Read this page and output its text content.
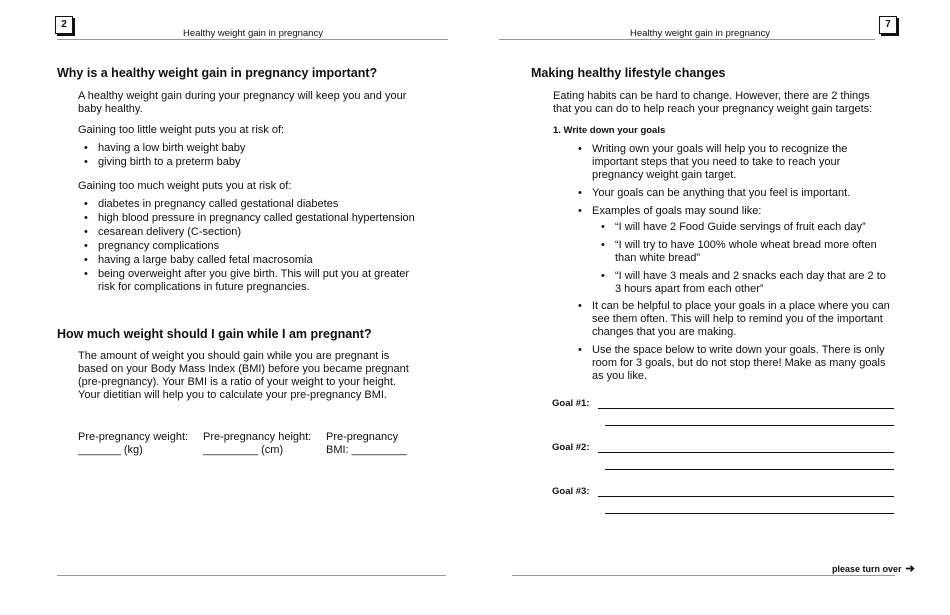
2
Healthy weight gain in pregnancy
Why is a healthy weight gain in pregnancy important?

A healthy weight gain during your pregnancy will keep you and your baby healthy.

Gaining too little weight puts you at risk of:

• having a low birth weight baby
• giving birth to a preterm baby

Gaining too much weight puts you at risk of:

• diabetes in pregnancy called gestational diabetes
• high blood pressure in pregnancy called gestational hypertension
• cesarean delivery (C-section)
• pregnancy complications
• having a large baby called fetal macrosomia
• being overweight after you give birth. This will put you at greater risk for complications in future pregnancies.
How much weight should I gain while I am pregnant?

The amount of weight you should gain while you are pregnant is based on your Body Mass Index (BMI) before you became pregnant (pre-pregnancy). Your BMI is a ratio of your weight to your height. Your dietitian will help you to calculate your pre-pregnancy BMI.

Pre-pregnancy weight:
_______ (kg)
Pre-pregnancy height:
_________ (cm)
Pre-pregnancy
BMI: _________
Healthy weight gain in pregnancy
7
Making healthy lifestyle changes

Eating habits can be hard to change. However, there are 2 things that you can do to help reach your pregnancy weight gain targets:

1. Write down your goals
• Writing own your goals will help you to recognize the important steps that you need to take to reach your pregnancy weight gain target.
• Your goals can be anything that you feel is important.
• Examples of goals may sound like:
• “I will have 2 Food Guide servings of fruit each day”
• “I will try to have 100% whole wheat bread more often than white bread”
• “I will have 3 meals and 2 snacks each day that are 2 to 3 hours apart from each other”
• It can be helpful to place your goals in a place where you can see them often. This will help to remind you of the important changes that you are making.
• Use the space below to write down your goals. There is only room for 3 goals, but do not stop there! Make as many goals as you like.
Goal #1:
Goal #2:
Goal #3:
please turn over ➔
